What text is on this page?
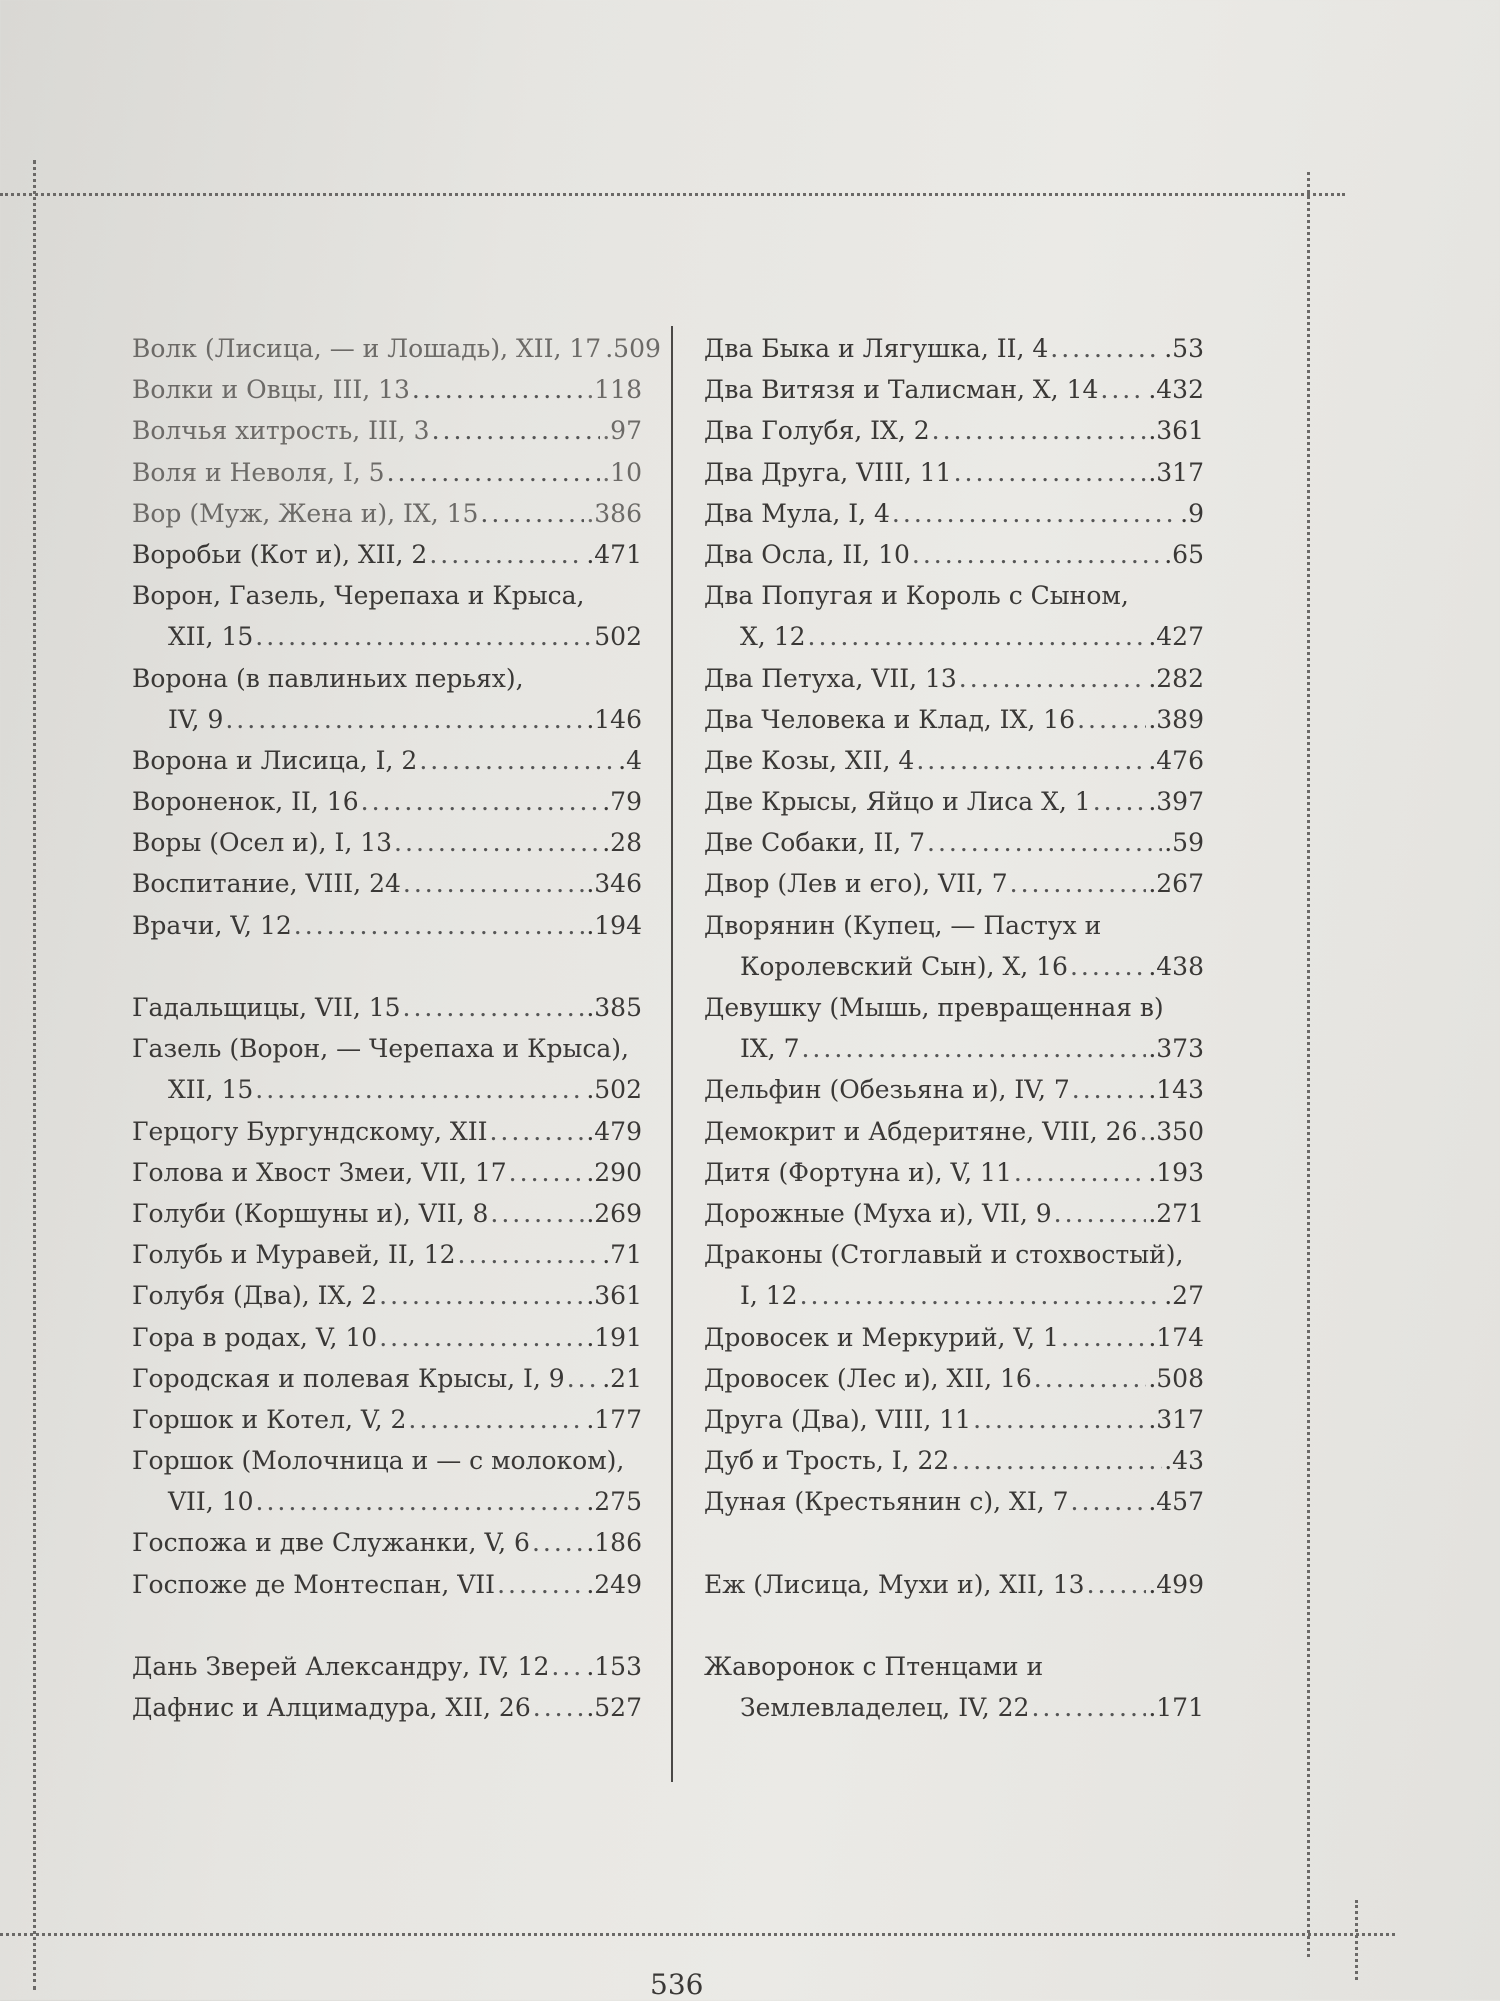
Волк (Лисица, — и Лошадь), XII, 17 .509
Волки и Овцы, III, 13 .....	.118
Волчья хитрость, III, 3 .....	.97
Воля и Неволя, I, 5 .....	.10
Вор (Муж, Жена и), IX, 15 .....	.386
Воробьи (Кот и), XII, 2 .....	.471
Ворон, Газель, Черепаха и Крыса,
XII, 15 .....	502
Ворона (в павлиньих перьях),
IV, 9 .....	.146
Ворона и Лисица, I, 2 .....	.4
Вороненок, II, 16 .....	.79
Воры (Осел и), I, 13 .....	.28
Воспитание, VIII, 24 .....	.346
Врачи, V, 12 .....	.194
Гадальщицы, VII, 15 .....	.385
Газель (Ворон, — Черепаха и Крыса),
XII, 15 .....	.502
Герцогу Бургундскому, XII .....	.479
Голова и Хвост Змеи, VII, 17 .....	.290
Голуби (Коршуны и), VII, 8 .....	.269
Голубь и Муравей, II, 12 .....	.71
Голубя (Два), IX, 2 .....	.361
Гора в родах, V, 10 .....	.191
Городская и полевая Крысы, I, 9 ..... .21
Горшок и Котел, V, 2 .....	.177
Горшок (Молочница и — с молоком),
VII, 10 .....	.275
Госпожа и две Служанки, V, 6 ..... .186
Госпоже де Монтеспан, VII .....	.249
Дань Зверей Александру, IV, 12 ..... .153
Дафнис и Алцимадура, XII, 26 ..... .527
Два Быка и Лягушка, II, 4 .....	.53
Два Витязя и Талисман, X, 14 ..... .432
Два Голубя, IX, 2 .....	.361
Два Друга, VIII, 11 .....	.317
Два Мула, I, 4 .....	.9
Два Осла, II, 10 .....	.65
Два Попугая и Король с Сыном,
X, 12 .....	.427
Два Петуха, VII, 13 .....	.282
Два Человека и Клад, IX, 16 .....	.389
Две Козы, XII, 4 .....	.476
Две Крысы, Яйцо и Лиса X, 1 ..... .397
Две Собаки, II, 7 .....	.59
Двор (Лев и его), VII, 7 .....	.267
Дворянин (Купец, — Пастух и
Королевский Сын), X, 16 .....	.438
Девушку (Мышь, превращенная в)
IX, 7 .....	.373
Дельфин (Обезьяна и), IV, 7 .....	.143
Демокрит и Абдеритяне, VIII, 26 ..... .350
Дитя (Фортуна и), V, 11 .....	.193
Дорожные (Муха и), VII, 9 .....	.271
Драконы (Стоглавый и стохвостый),
I, 12 .....	.27
Дровосек и Меркурий, V, 1 .....	.174
Дровосек (Лес и), XII, 16 .....	.508
Друга (Два), VIII, 11 .....	.317
Дуб и Трость, I, 22 .....	.43
Дуная (Крестьянин с), XI, 7 .....	.457
Еж (Лисица, Мухи и), XII, 13 .....	.499
Жаворонок с Птенцами и
Землевладелец, IV, 22 .....	.171
536
